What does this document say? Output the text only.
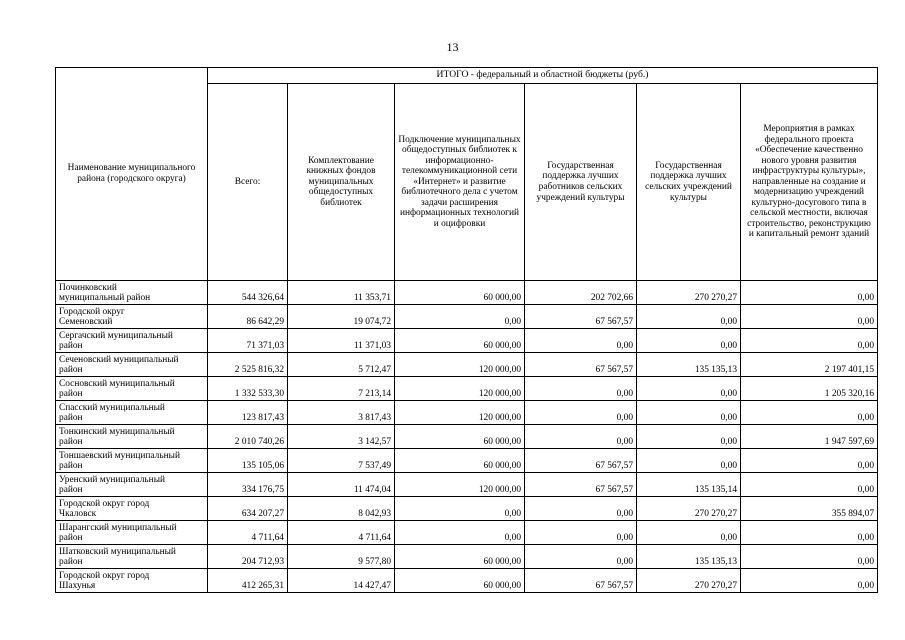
13
Наименование муниципального района (городского округа)	ИТОГО - федеральный и областной бюджеты (руб.)					
	Всего:	Комплектование книжных фондов муниципальных общедоступных библиотек	Подключение муниципальных общедоступных библиотек к информационно-телекоммуникационной сети «Интернет» и развитие библиотечного дела с учетом задачи расширения информационных технологий и оцифровки	Государственная поддержка лучших работников сельских учреждений культуры	Государственная поддержка лучших сельских учреждений культуры	Мероприятия в рамках федерального проекта «Обеспечение качественно нового уровня развития инфраструктуры культуры», направленные на создание и модернизацию учреждений культурно-досугового типа в сельской местности, включая строительство, реконструкцию и капитальный ремонт зданий

Починковский
муниципальный район	544 326,64	11 353,71	60 000,00	202 702,66	270 270,27	0,00

Городской округ
Семеновский	86 642,29	19 074,72	0,00	67 567,57	0,00	0,00

Сергачский муниципальный
район	71 371,03	11 371,03	60 000,00	0,00	0,00	0,00

Сеченовский муниципальный
район	2 525 816,32	5 712,47	120 000,00	67 567,57	135 135,13	2 197 401,15

Сосновский муниципальный
район	1 332 533,30	7 213,14	120 000,00	0,00	0,00	1 205 320,16

Спасский муниципальный
район	123 817,43	3 817,43	120 000,00	0,00	0,00	0,00

Тонкинский муниципальный
район	2 010 740,26	3 142,57	60 000,00	0,00	0,00	1 947 597,69

Тоншаевский муниципальный
район	135 105,06	7 537,49	60 000,00	67 567,57	0,00	0,00

Уренский муниципальный
район	334 176,75	11 474,04	120 000,00	67 567,57	135 135,14	0,00

Городской округ город
Чкаловск	634 207,27	8 042,93	0,00	0,00	270 270,27	355 894,07

Шарангский муниципальный
район	4 711,64	4 711,64	0,00	0,00	0,00	0,00

Шатковский муниципальный
район	204 712,93	9 577,80	60 000,00	0,00	135 135,13	0,00

Городской округ город
Шахунья	412 265,31	14 427,47	60 000,00	67 567,57	270 270,27	0,00
